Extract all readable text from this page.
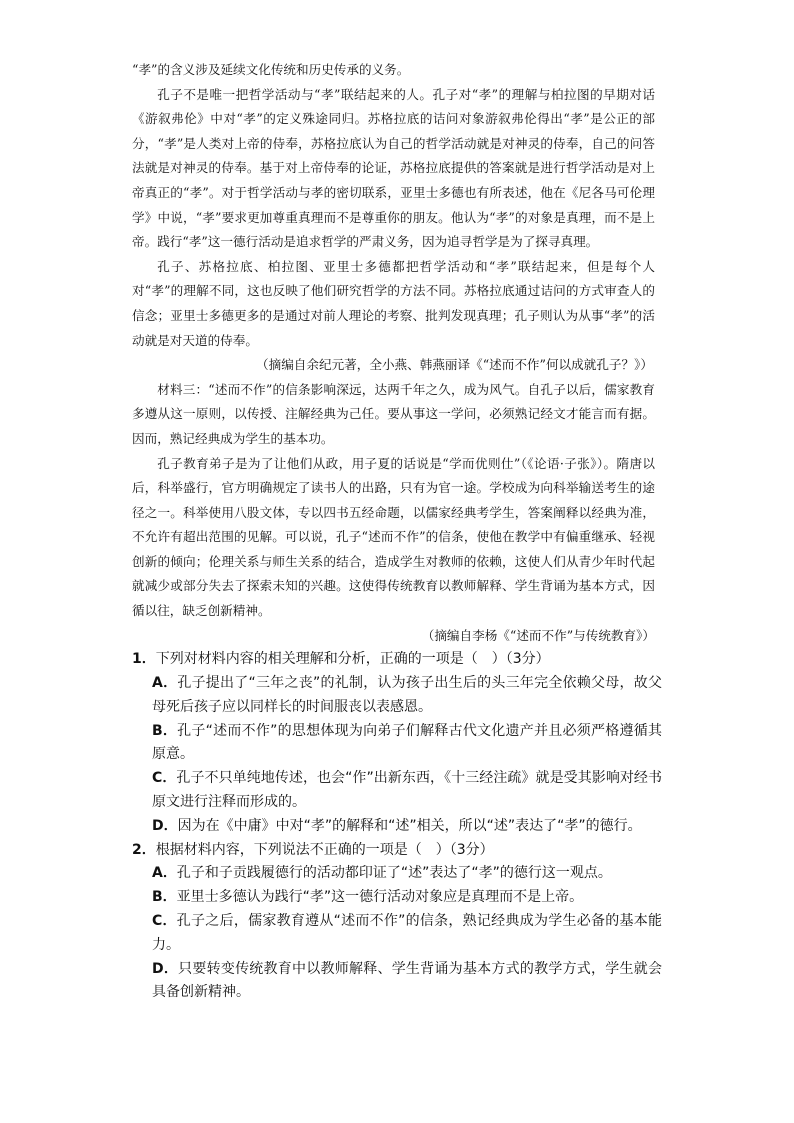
“孝”的含义涉及延续文化传统和历史传承的义务。

孔子不是唯一把哲学活动与“孝”联结起来的人。孔子对“孝”的理解与柏拉图的早期对话《游叙弗伦》中对“孝”的定义殊途同归。苏格拉底的诘问对象游叙弗伦得出“孝”是公正的部分，“孝”是人类对上帝的侍奉，苏格拉底认为自己的哲学活动就是对神灵的侍奉，自己的问答法就是对神灵的侍奉。基于对上帝侍奉的论证，苏格拉底提供的答案就是进行哲学活动是对上帝真正的“孝”。对于哲学活动与孝的密切联系，亚里士多德也有所表述，他在《尼各马可伦理学》中说，“孝”要求更加尊重真理而不是尊重你的朋友。他认为“孝”的对象是真理，而不是上帝。践行“孝”这一德行活动是追求哲学的严肃义务，因为追寻哲学是为了探寻真理。

孔子、苏格拉底、柏拉图、亚里士多德都把哲学活动和“孝”联结起来，但是每个人对“孝”的理解不同，这也反映了他们研究哲学的方法不同。苏格拉底通过诘问的方式审查人的信念；亚里士多德更多的是通过对前人理论的考察、批判发现真理；孔子则认为从事“孝”的活动就是对天道的侍奉。

（摘编自余纪元著，全小燕、韩燕丽译《“述而不作”何以成就孔子？》）

材料三：“述而不作”的信条影响深远，达两千年之久，成为风气。自孔子以后，儒家教育多遵从这一原则，以传授、注解经典为己任。要从事这一学问，必须熟记经文才能言而有据。因而，熟记经典成为学生的基本功。

孔子教育弟子是为了让他们从政，用子夏的话说是“学而优则仕”（《论语·子张》）。隋唐以后，科举盛行，官方明确规定了读书人的出路，只有为官一途。学校成为向科举输送考生的途径之一。科举使用八股文体，专以四书五经命题，以儒家经典考学生，答案阐释以经典为准，不允许有超出范围的见解。可以说，孔子“述而不作”的信条，使他在教学中有偏重继承、轻视创新的倾向；伦理关系与师生关系的结合，造成学生对教师的依赖，这使人们从青少年时代起就减少或部分失去了探索未知的兴趣。这使得传统教育以教师解释、学生背诵为基本方式，因循以往，缺乏创新精神。

（摘编自李杨《“述而不作”与传统教育》）

1．下列对材料内容的相关理解和分析，正确的一项是（　）（3分）

A．孔子提出了“三年之丧”的礼制，认为孩子出生后的头三年完全依赖父母，故父母死后孩子应以同样长的时间服丧以表感恩。

B．孔子“述而不作”的思想体现为向弟子们解释古代文化遗产并且必须严格遵循其原意。

C．孔子不只单纯地传述，也会“作”出新东西，《十三经注疏》就是受其影响对经书原文进行注释而形成的。

D．因为在《中庸》中对“孝”的解释和“述”相关，所以“述”表达了“孝”的德行。

2．根据材料内容，下列说法不正确的一项是（　）（3分）

A．孔子和子贡践履德行的活动都印证了“述”表达了“孝”的德行这一观点。

B．亚里士多德认为践行“孝”这一德行活动对象应是真理而不是上帝。

C．孔子之后，儒家教育遵从“述而不作”的信条，熟记经典成为学生必备的基本能力。

D．只要转变传统教育中以教师解释、学生背诵为基本方式的教学方式，学生就会具备创新精神。
